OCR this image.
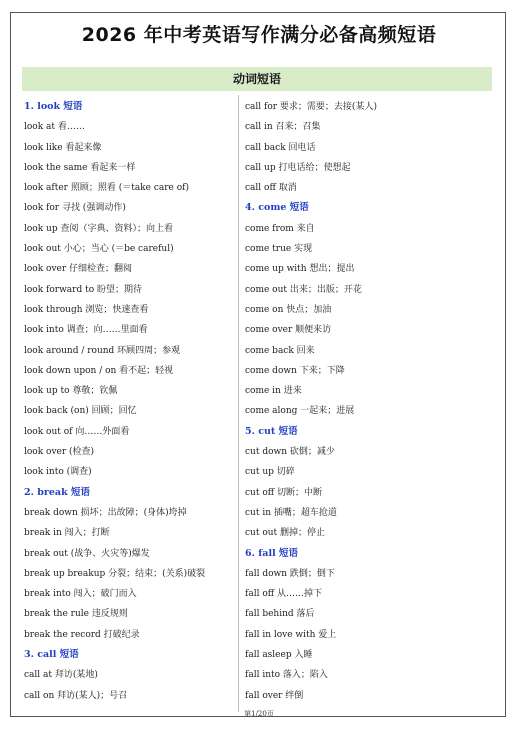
2026 年中考英语写作满分必备高频短语
动词短语
1. look 短语
look at 看……
look like 看起来像
look the same 看起来一样
look after 照顾；照看 (＝take care of)
look for 寻找 (强调动作)
look up 查阅（字典、资料）；向上看
look out 小心；当心 (＝be careful)
look over 仔细检查；翻阅
look forward to 盼望；期待
look through 浏览；快速查看
look into 调查；向……里面看
look around / round 环顾四周；参观
look down upon / on 看不起；轻视
look up to 尊敬；钦佩
look back (on) 回顾；回忆
look out of 向……外面看
look over (检查)
look into (调查)
2. break 短语
break down 损坏；出故障；(身体)垮掉
break in 闯入；打断
break out (战争、火灾等)爆发
break up breakup 分裂；结束；(关系)破裂
break into 闯入；破门而入
break the rule 违反规则
break the record 打破纪录
3. call 短语
call at 拜访(某地)
call on 拜访(某人)；号召
call for 要求；需要；去接(某人)
call in 召来；召集
call back 回电话
call up 打电话给；使想起
call off 取消
4. come 短语
come from 来自
come true 实现
come up with 想出；提出
come out 出来；出版；开花
come on 快点；加油
come over 顺便来访
come back 回来
come down 下来；下降
come in 进来
come along 一起来；进展
5. cut 短语
cut down 砍倒；减少
cut up 切碎
cut off 切断；中断
cut in 插嘴；超车抢道
cut out 删掉；停止
6. fall 短语
fall down 跌倒；倒下
fall off 从……掉下
fall behind 落后
fall in love with 爱上
fall asleep 入睡
fall into 落入；陷入
fall over 绊倒
第1/20页
